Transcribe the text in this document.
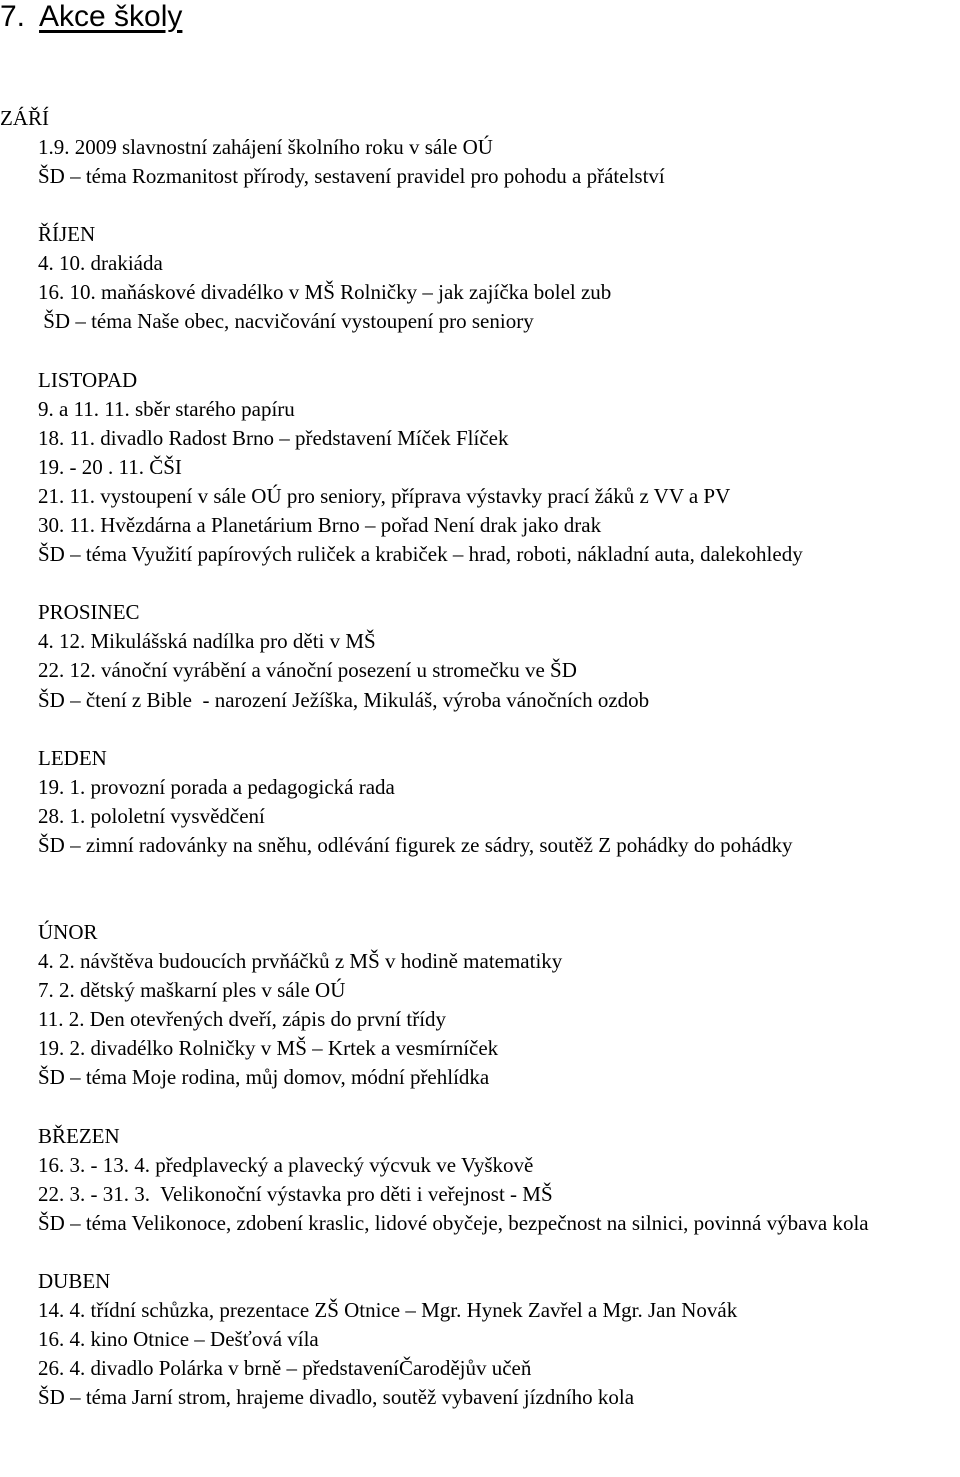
7. Akce školy
ZÁŘÍ

1.9. 2009 slavnostní zahájení školního roku v sále OÚ

ŠD – téma Rozmanitost přírody, sestavení pravidel pro pohodu a přátelství

ŘÍJEN

4. 10. drakiáda

16. 10. maňáskové divadélko v MŠ Rolničky – jak zajíčka bolel zub

ŠD – téma Naše obec, nacvičování vystoupení pro seniory

LISTOPAD

9. a 11. 11. sběr starého papíru

18. 11. divadlo Radost Brno – představení Míček Flíček

19. - 20 . 11. ČŠI

21. 11. vystoupení v sále OÚ pro seniory, příprava výstavky prací žáků z VV a PV

30. 11. Hvězdárna a Planetárium Brno – pořad Není drak jako drak

ŠD – téma Využití papírových ruliček a krabiček – hrad, roboti, nákladní auta, dalekohledy

PROSINEC

4. 12. Mikulášská nadílka pro děti v MŠ

22. 12. vánoční vyrábění a vánoční posezení u stromečku ve ŠD

ŠD – čtení z Bible  - narození Ježíška, Mikuláš, výroba vánočních ozdob

LEDEN

19. 1. provozní porada a pedagogická rada

28. 1. pololetní vysvědčení

ŠD – zimní radovánky na sněhu, odlévání figurek ze sádry, soutěž Z pohádky do pohádky

ÚNOR

4. 2. návštěva budoucích prvňáčků z MŠ v hodině matematiky

7. 2. dětský maškarní ples v sále OÚ

11. 2. Den otevřených dveří, zápis do první třídy

19. 2. divadélko Rolničky v MŠ – Krtek a vesmírníček

ŠD – téma Moje rodina, můj domov, módní přehlídka

BŘEZEN

16. 3. - 13. 4. předplavecký a plavecký výcvuk ve Vyškově

22. 3. - 31. 3.  Velikonoční výstavka pro děti i veřejnost - MŠ

ŠD – téma Velikonoce, zdobení kraslic, lidové obyčeje, bezpečnost na silnici, povinná výbava kola

DUBEN

14. 4. třídní schůzka, prezentace ZŠ Otnice – Mgr. Hynek Zavřel a Mgr. Jan Novák

16. 4. kino Otnice – Dešťová víla

26. 4. divadlo Polárka v brně – představeníČarodějův učeň

ŠD – téma Jarní strom, hrajeme divadlo, soutěž vybavení jízdního kola
